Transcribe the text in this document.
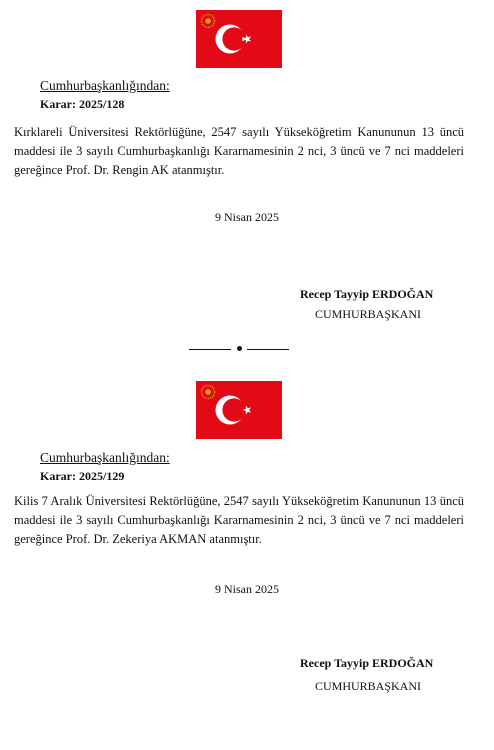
Cumhurbaşkanlığından:
Karar: 2025/128
Kırklareli Üniversitesi Rektörlüğüne, 2547 sayılı Yükseköğretim Kanununun 13 üncü maddesi ile 3 sayılı Cumhurbaşkanlığı Kararnamesinin 2 nci, 3 üncü ve 7 nci maddeleri gereğince Prof. Dr. Rengin AK atanmıştır.
9 Nisan 2025
Recep Tayyip ERDOĞAN
CUMHURBAŞKANI
Cumhurbaşkanlığından:
Karar: 2025/129
Kilis 7 Aralık Üniversitesi Rektörlüğüne, 2547 sayılı Yükseköğretim Kanununun 13 üncü maddesi ile 3 sayılı Cumhurbaşkanlığı Kararnamesinin 2 nci, 3 üncü ve 7 nci maddeleri gereğince Prof. Dr. Zekeriya AKMAN atanmıştır.
9 Nisan 2025
Recep Tayyip ERDOĞAN
CUMHURBAŞKANI
